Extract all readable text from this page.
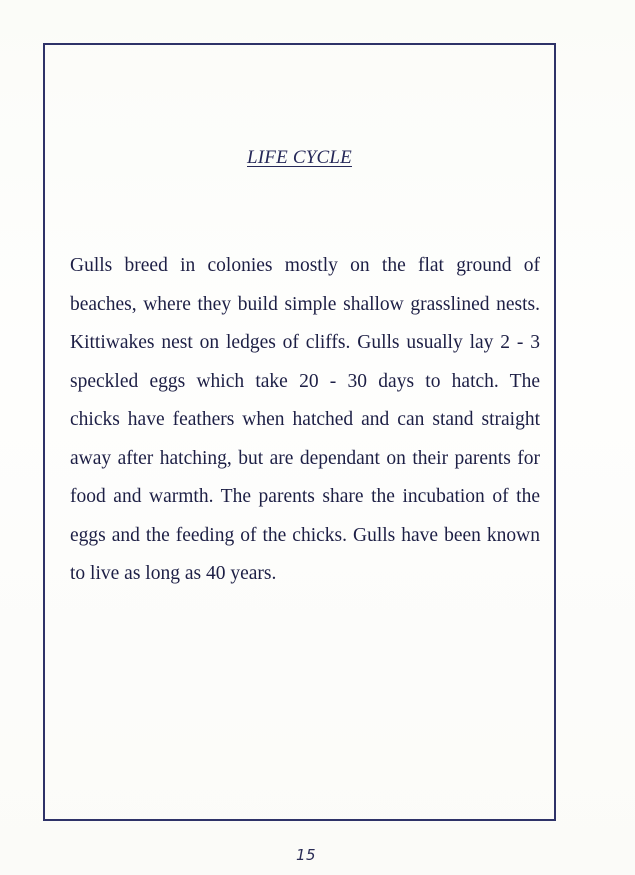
LIFE CYCLE
Gulls breed in colonies mostly on the flat ground of
beaches, where they build simple shallow grasslined nests.
Kittiwakes nest on ledges of cliffs. Gulls usually lay 2 - 3
speckled eggs which take 20 - 30 days to hatch. The
chicks have feathers when hatched and can stand straight
away after hatching, but are dependant on their parents for
food and warmth. The parents share the incubation of the
eggs and the feeding of the chicks. Gulls have been known
to live as long as 40 years.
15
